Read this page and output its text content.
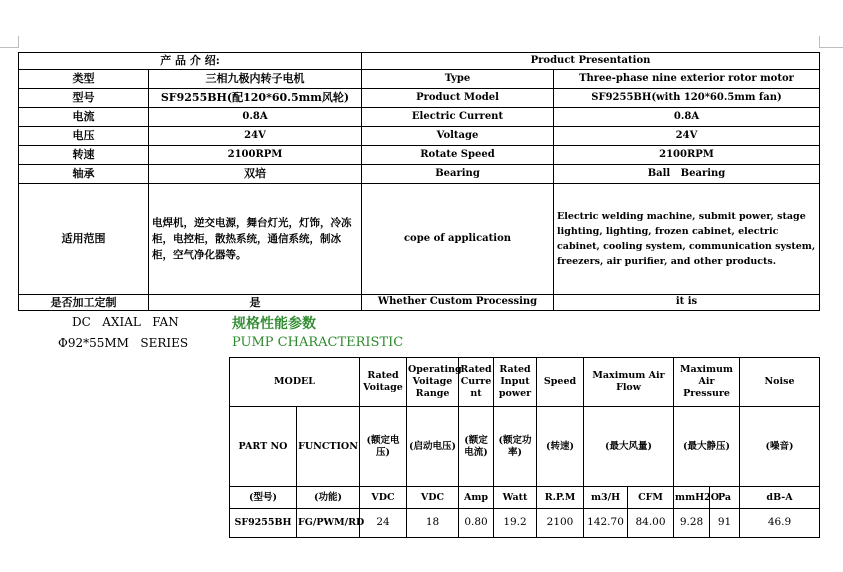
产 品 介 绍:		Product Presentation	
类型	三相九极内转子电机	Type	Three-phase nine exterior rotor motor
型号	SF9255BH(配120*60.5mm风轮)	Product Model	SF9255BH(with 120*60.5mm fan)
电流	0.8A	Electric Current	0.8A
电压	24V	Voltage	24V
转速	2100RPM	Rotate Speed	2100RPM
轴承	双培	Bearing	Ball   Bearing
适用范围	电焊机，逆交电源，舞台灯光，灯饰，冷冻柜，电控柜，散热系统，通信系统，制冰柜，空气净化器等。	cope of application	Electric welding machine, submit power, stage lighting, lighting, frozen cabinet, electric cabinet, cooling system, communication system, freezers, air purifier, and other products.
是否加工定制	是	Whether Custom Processing	it is
DC   AXIAL   FAN	规格性能参数
Φ92*55MM   SERIES	PUMP CHARACTERISTIC
MODEL		Rated Voitage	Operating Voitage Range	Rated Curre nt	Rated Input power	Speed	Maximum Air Flow		Maximum Air Pressure		Noise
PART NO	FUNCTION	(额定电压)	(启动电压)	(额定电流)	(额定功率)	(转速)	(最大风量)		(最大静压)		(噪音)
(型号)	(功能)	VDC	VDC	Amp	Watt	R.P.M	m3/H	CFM	mmH2O	Pa	dB-A
SF9255BH	FG/PWM/RD	24	18	0.80	19.2	2100	142.70	84.00	9.28	91	46.9
